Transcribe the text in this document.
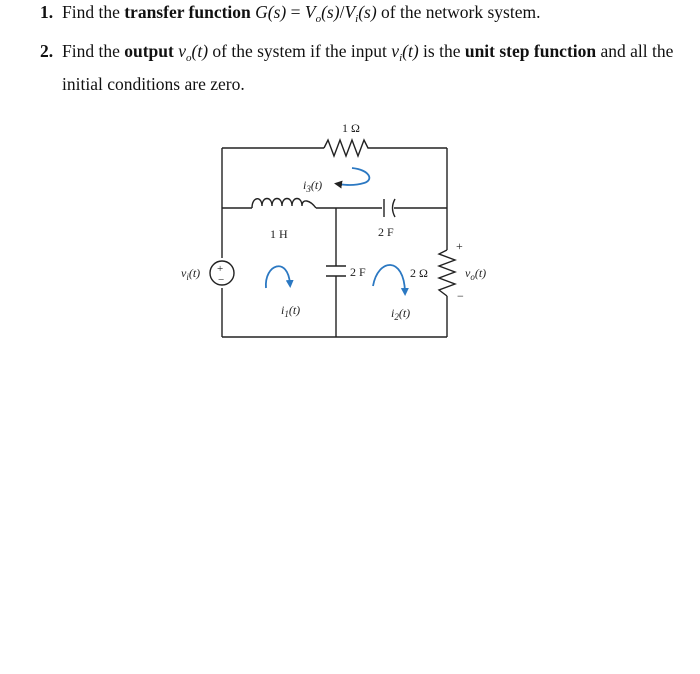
1. Find the transfer function $G(s) = V_o(s)/V_i(s)$ of the network system.
2. Find the output $v_o(t)$ of the system if the input $v_i(t)$ is the unit step function and all the initial conditions are zero.
1 Ω
1 H	2 F
2 F	2 Ω
+
−
$v_o(t)$
+
−
$v_i(t)$
$i_1(t)$	$i_2(t)$
$i_3(t)$
